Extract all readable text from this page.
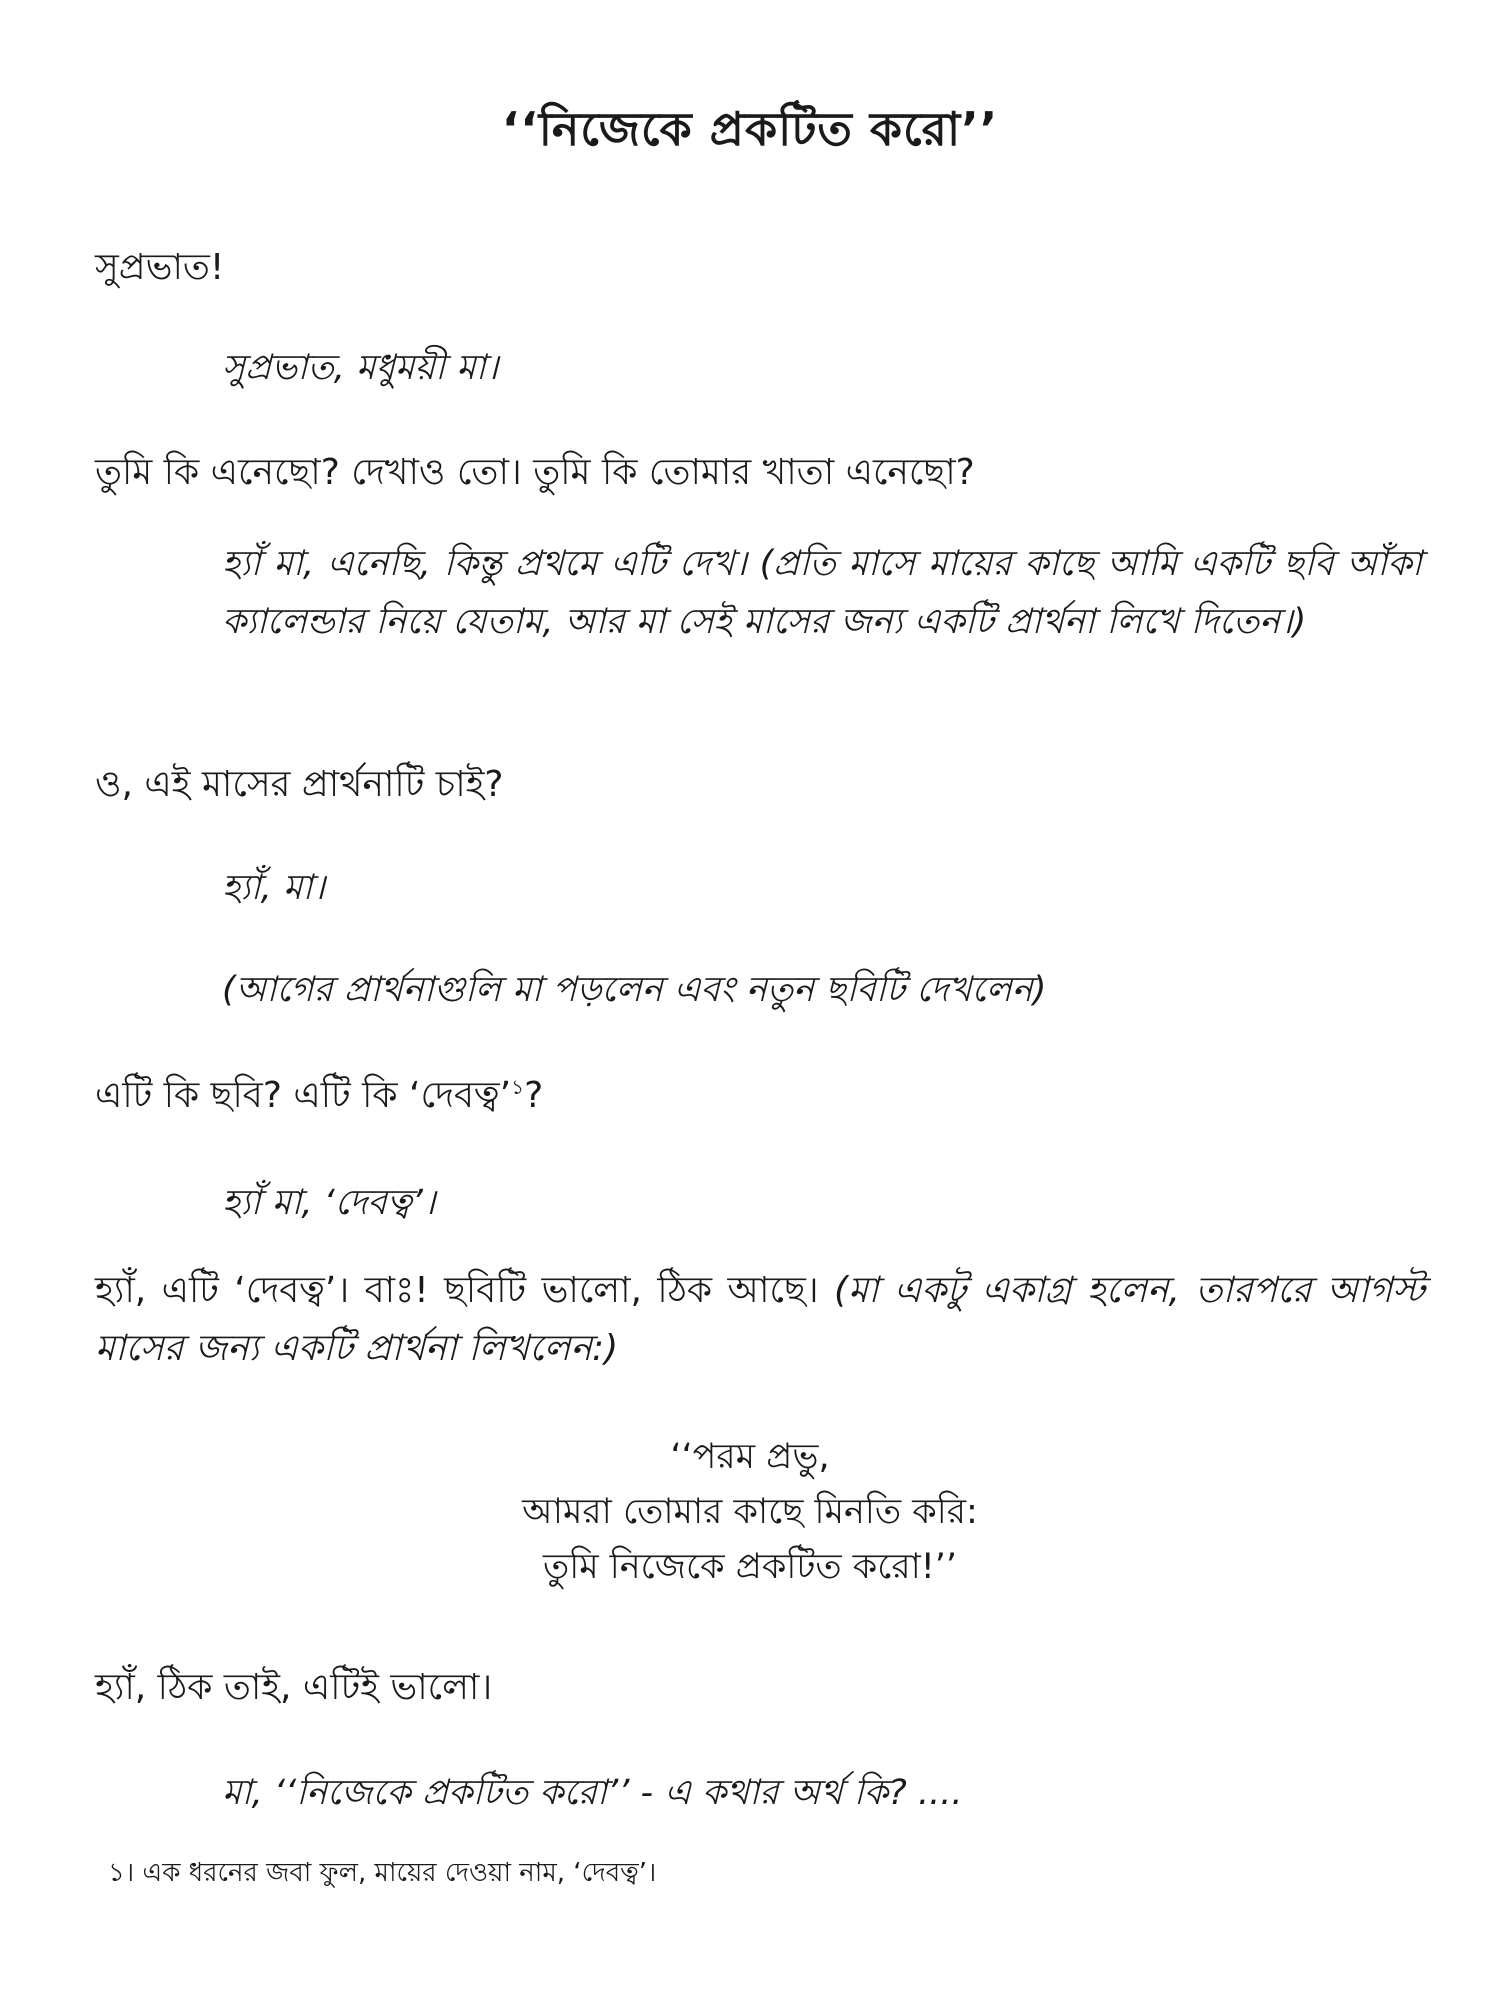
‘‘নিজেকে প্রকটিত করো’’

সুপ্রভাত!

সুপ্রভাত, মধুময়ী মা।

তুমি কি এনেছো? দেখাও তো। তুমি কি তোমার খাতা এনেছো?

হ্যাঁ মা, এনেছি, কিন্তু প্রথমে এটি দেখ। (প্রতি মাসে মায়ের কাছে আমি একটি ছবি আঁকা ক্যালেন্ডার নিয়ে যেতাম, আর মা সেই মাসের জন্য একটি প্রার্থনা লিখে দিতেন।)

ও, এই মাসের প্রার্থনাটি চাই?

হ্যাঁ, মা।

(আগের প্রার্থনাগুলি মা পড়লেন এবং নতুন ছবিটি দেখলেন)

এটি কি ছবি? এটি কি ‘দেবত্ব’$^১$?

হ্যাঁ মা, ‘দেবত্ব’।

হ্যাঁ, এটি ‘দেবত্ব’। বাঃ! ছবিটি ভালো, ঠিক আছে। (মা একটু একাগ্র হলেন, তারপরে আগস্ট মাসের জন্য একটি প্রার্থনা লিখলেন:)

‘‘পরম প্রভু,
আমরা তোমার কাছে মিনতি করি:
তুমি নিজেকে প্রকটিত করো!’’

হ্যাঁ, ঠিক তাই, এটিই ভালো।

মা, ‘‘নিজেকে প্রকটিত করো’’ - এ কথার অর্থ কি? ....

১। এক ধরনের জবা ফুল, মায়ের দেওয়া নাম, ‘দেবত্ব’।
